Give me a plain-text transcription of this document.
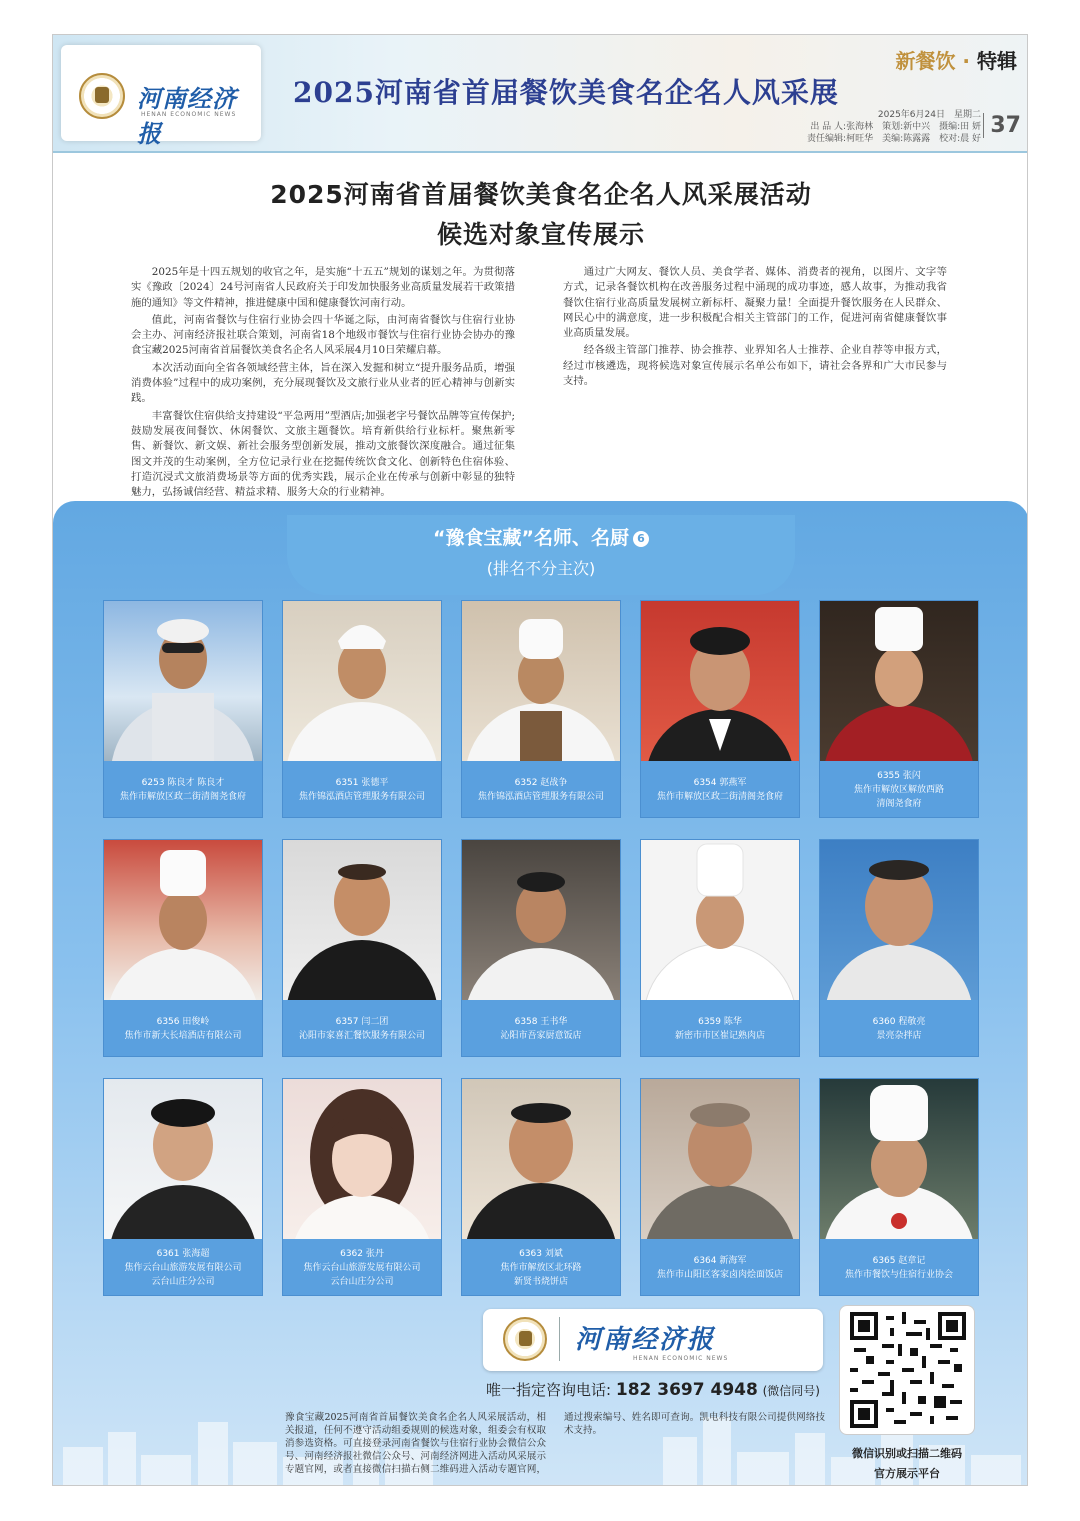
河南经济报
HENAN ECONOMIC NEWS
2025河南省首届餐饮美食名企名人风采展
新餐饮 · 特辑
2025年6月24日　星期二
出 品 人:张海林　策划:新中兴　摄编:田 妍
责任编辑:柯旺华　美编:陈露露　校对:晨 好
37
2025河南省首届餐饮美食名企名人风采展活动
候选对象宣传展示

2025年是十四五规划的收官之年，是实施“十五五”规划的谋划之年。为贯彻落实《豫政〔2024〕24号河南省人民政府关于印发加快服务业高质量发展若干政策措施的通知》等文件精神，推进健康中国和健康餐饮河南行动。

值此，河南省餐饮与住宿行业协会四十华诞之际，由河南省餐饮与住宿行业协会主办、河南经济报社联合策划，河南省18个地级市餐饮与住宿行业协会协办的豫食宝藏2025河南省首届餐饮美食名企名人风采展4月10日荣耀启幕。

本次活动面向全省各领域经营主体，旨在深入发掘和树立“提升服务品质，增强消费体验”过程中的成功案例，充分展现餐饮及文旅行业从业者的匠心精神与创新实践。

丰富餐饮住宿供给支持建设“平急两用”型酒店;加强老字号餐饮品牌等宣传保护;鼓励发展夜间餐饮、休闲餐饮、文旅主题餐饮。培育新供给行业标杆。聚焦新零售、新餐饮、新文娱、新社会服务型创新发展，推动文旅餐饮深度融合。通过征集图文并茂的生动案例，全方位记录行业在挖掘传统饮食文化、创新特色住宿体验、打造沉浸式文旅消费场景等方面的优秀实践，展示企业在传承与创新中彰显的独特魅力，弘扬诚信经营、精益求精、服务大众的行业精神。

通过广大网友、餐饮人员、美食学者、媒体、消费者的视角，以图片、文字等方式，记录各餐饮机构在改善服务过程中涌现的成功事迹，感人故事，为推动我省餐饮住宿行业高质量发展树立新标杆、凝聚力量！全面提升餐饮服务在人民群众、网民心中的满意度，进一步积极配合相关主管部门的工作，促进河南省健康餐饮事业高质量发展。

经各级主管部门推荐、协会推荐、业界知名人士推荐、企业自荐等申报方式，经过市核遴选，现将候选对象宣传展示名单公布如下，请社会各界和广大市民参与支持。

“豫食宝藏”名师、名厨 6
(排名不分主次)
6253 陈良才 陈良才
焦作市解放区政二街清阁尧食府
6351 张德平
焦作锦泓酒店管理服务有限公司
6352 赵战争
焦作锦泓酒店管理服务有限公司
6354 郭燕军
焦作市解放区政二街清阁尧食府
6355 张闪
焦作市解放区解放西路
清阁尧食府
6356 田俊岭
焦作市新大长培酒店有限公司
6357 闫二团
沁阳市家喜汇餐饮服务有限公司
6358 王书华
沁阳市吾家厨意饭店
6359 陈华
新密市市区崔记熟肉店
6360 程敬亮
景亮杂拌店
6361 张海超
焦作云台山旅游发展有限公司
云台山庄分公司
6362 张丹
焦作云台山旅游发展有限公司
云台山庄分公司
6363 刘斌
焦作市解放区北环路
新贤书烧饼店
6364 新海军
焦作市山阳区客家卤肉烩面饭店
6365 赵章记
焦作市餐饮与住宿行业协会
河南经济报
HENAN ECONOMIC NEWS
唯一指定咨询电话: 182 3697 4948 (微信同号)
豫食宝藏2025河南省首届餐饮美食名企名人风采展活动，相关报道，任何不遵守活动组委规则的候选对象，组委会有权取消参选资格。可直接登录河南省餐饮与住宿行业协会微信公众号、河南经济报社微信公众号、河南经济网进入活动风采展示专题官网，或者直接微信扫描右侧二维码进入活动专题官网，通过搜索编号、姓名即可查询。凯电科技有限公司提供网络技术支持。
微信识别或扫描二维码
官方展示平台
